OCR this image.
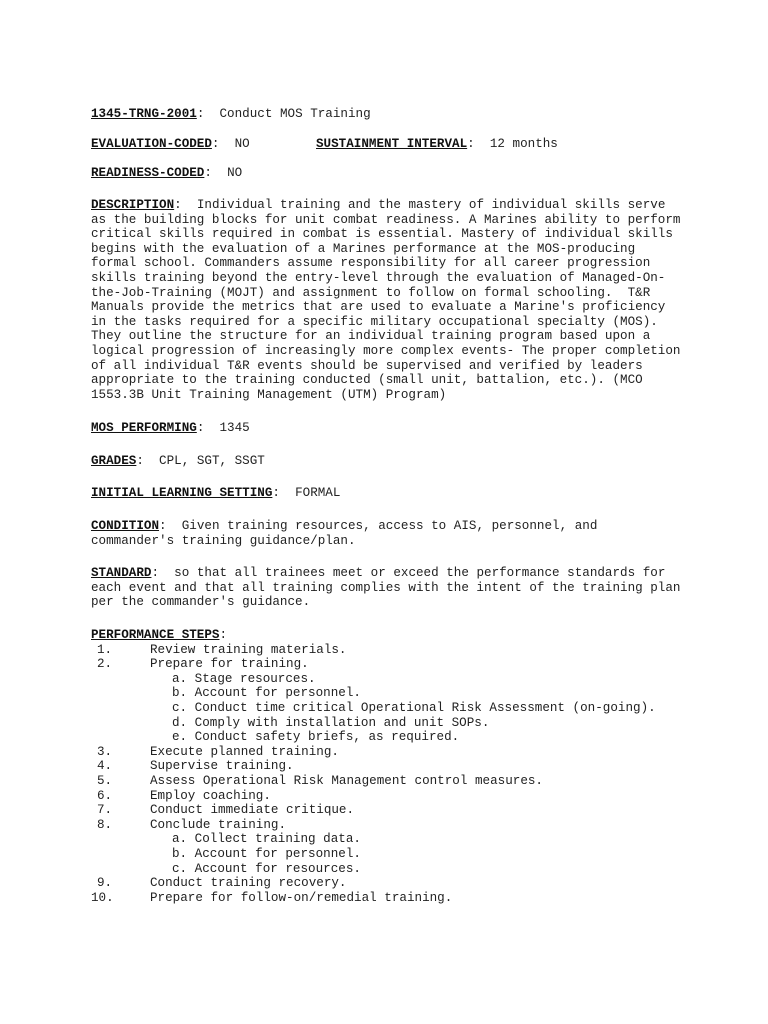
1345-TRNG-2001:  Conduct MOS Training
EVALUATION-CODED:  NO	SUSTAINMENT INTERVAL:  12 months
READINESS-CODED:  NO
DESCRIPTION:  Individual training and the mastery of individual skills serve
as the building blocks for unit combat readiness. A Marines ability to perform
critical skills required in combat is essential. Mastery of individual skills
begins with the evaluation of a Marines performance at the MOS-producing
formal school. Commanders assume responsibility for all career progression
skills training beyond the entry-level through the evaluation of Managed-On-
the-Job-Training (MOJT) and assignment to follow on formal schooling.  T&R
Manuals provide the metrics that are used to evaluate a Marine's proficiency
in the tasks required for a specific military occupational specialty (MOS).
They outline the structure for an individual training program based upon a
logical progression of increasingly more complex events- The proper completion
of all individual T&R events should be supervised and verified by leaders
appropriate to the training conducted (small unit, battalion, etc.). (MCO
1553.3B Unit Training Management (UTM) Program)
MOS PERFORMING:  1345
GRADES:  CPL, SGT, SSGT
INITIAL LEARNING SETTING:  FORMAL
CONDITION:  Given training resources, access to AIS, personnel, and
commander's training guidance/plan.
STANDARD:  so that all trainees meet or exceed the performance standards for
each event and that all training complies with the intent of the training plan
per the commander's guidance.
PERFORMANCE STEPS:
1.	Review training materials.
2.	Prepare for training.
a. Stage resources.
b. Account for personnel.
c. Conduct time critical Operational Risk Assessment (on-going).
d. Comply with installation and unit SOPs.
e. Conduct safety briefs, as required.
3.	Execute planned training.
4.	Supervise training.
5.	Assess Operational Risk Management control measures.
6.	Employ coaching.
7.	Conduct immediate critique.
8.	Conclude training.
a. Collect training data.
b. Account for personnel.
c. Account for resources.
9.	Conduct training recovery.
10.	Prepare for follow-on/remedial training.
